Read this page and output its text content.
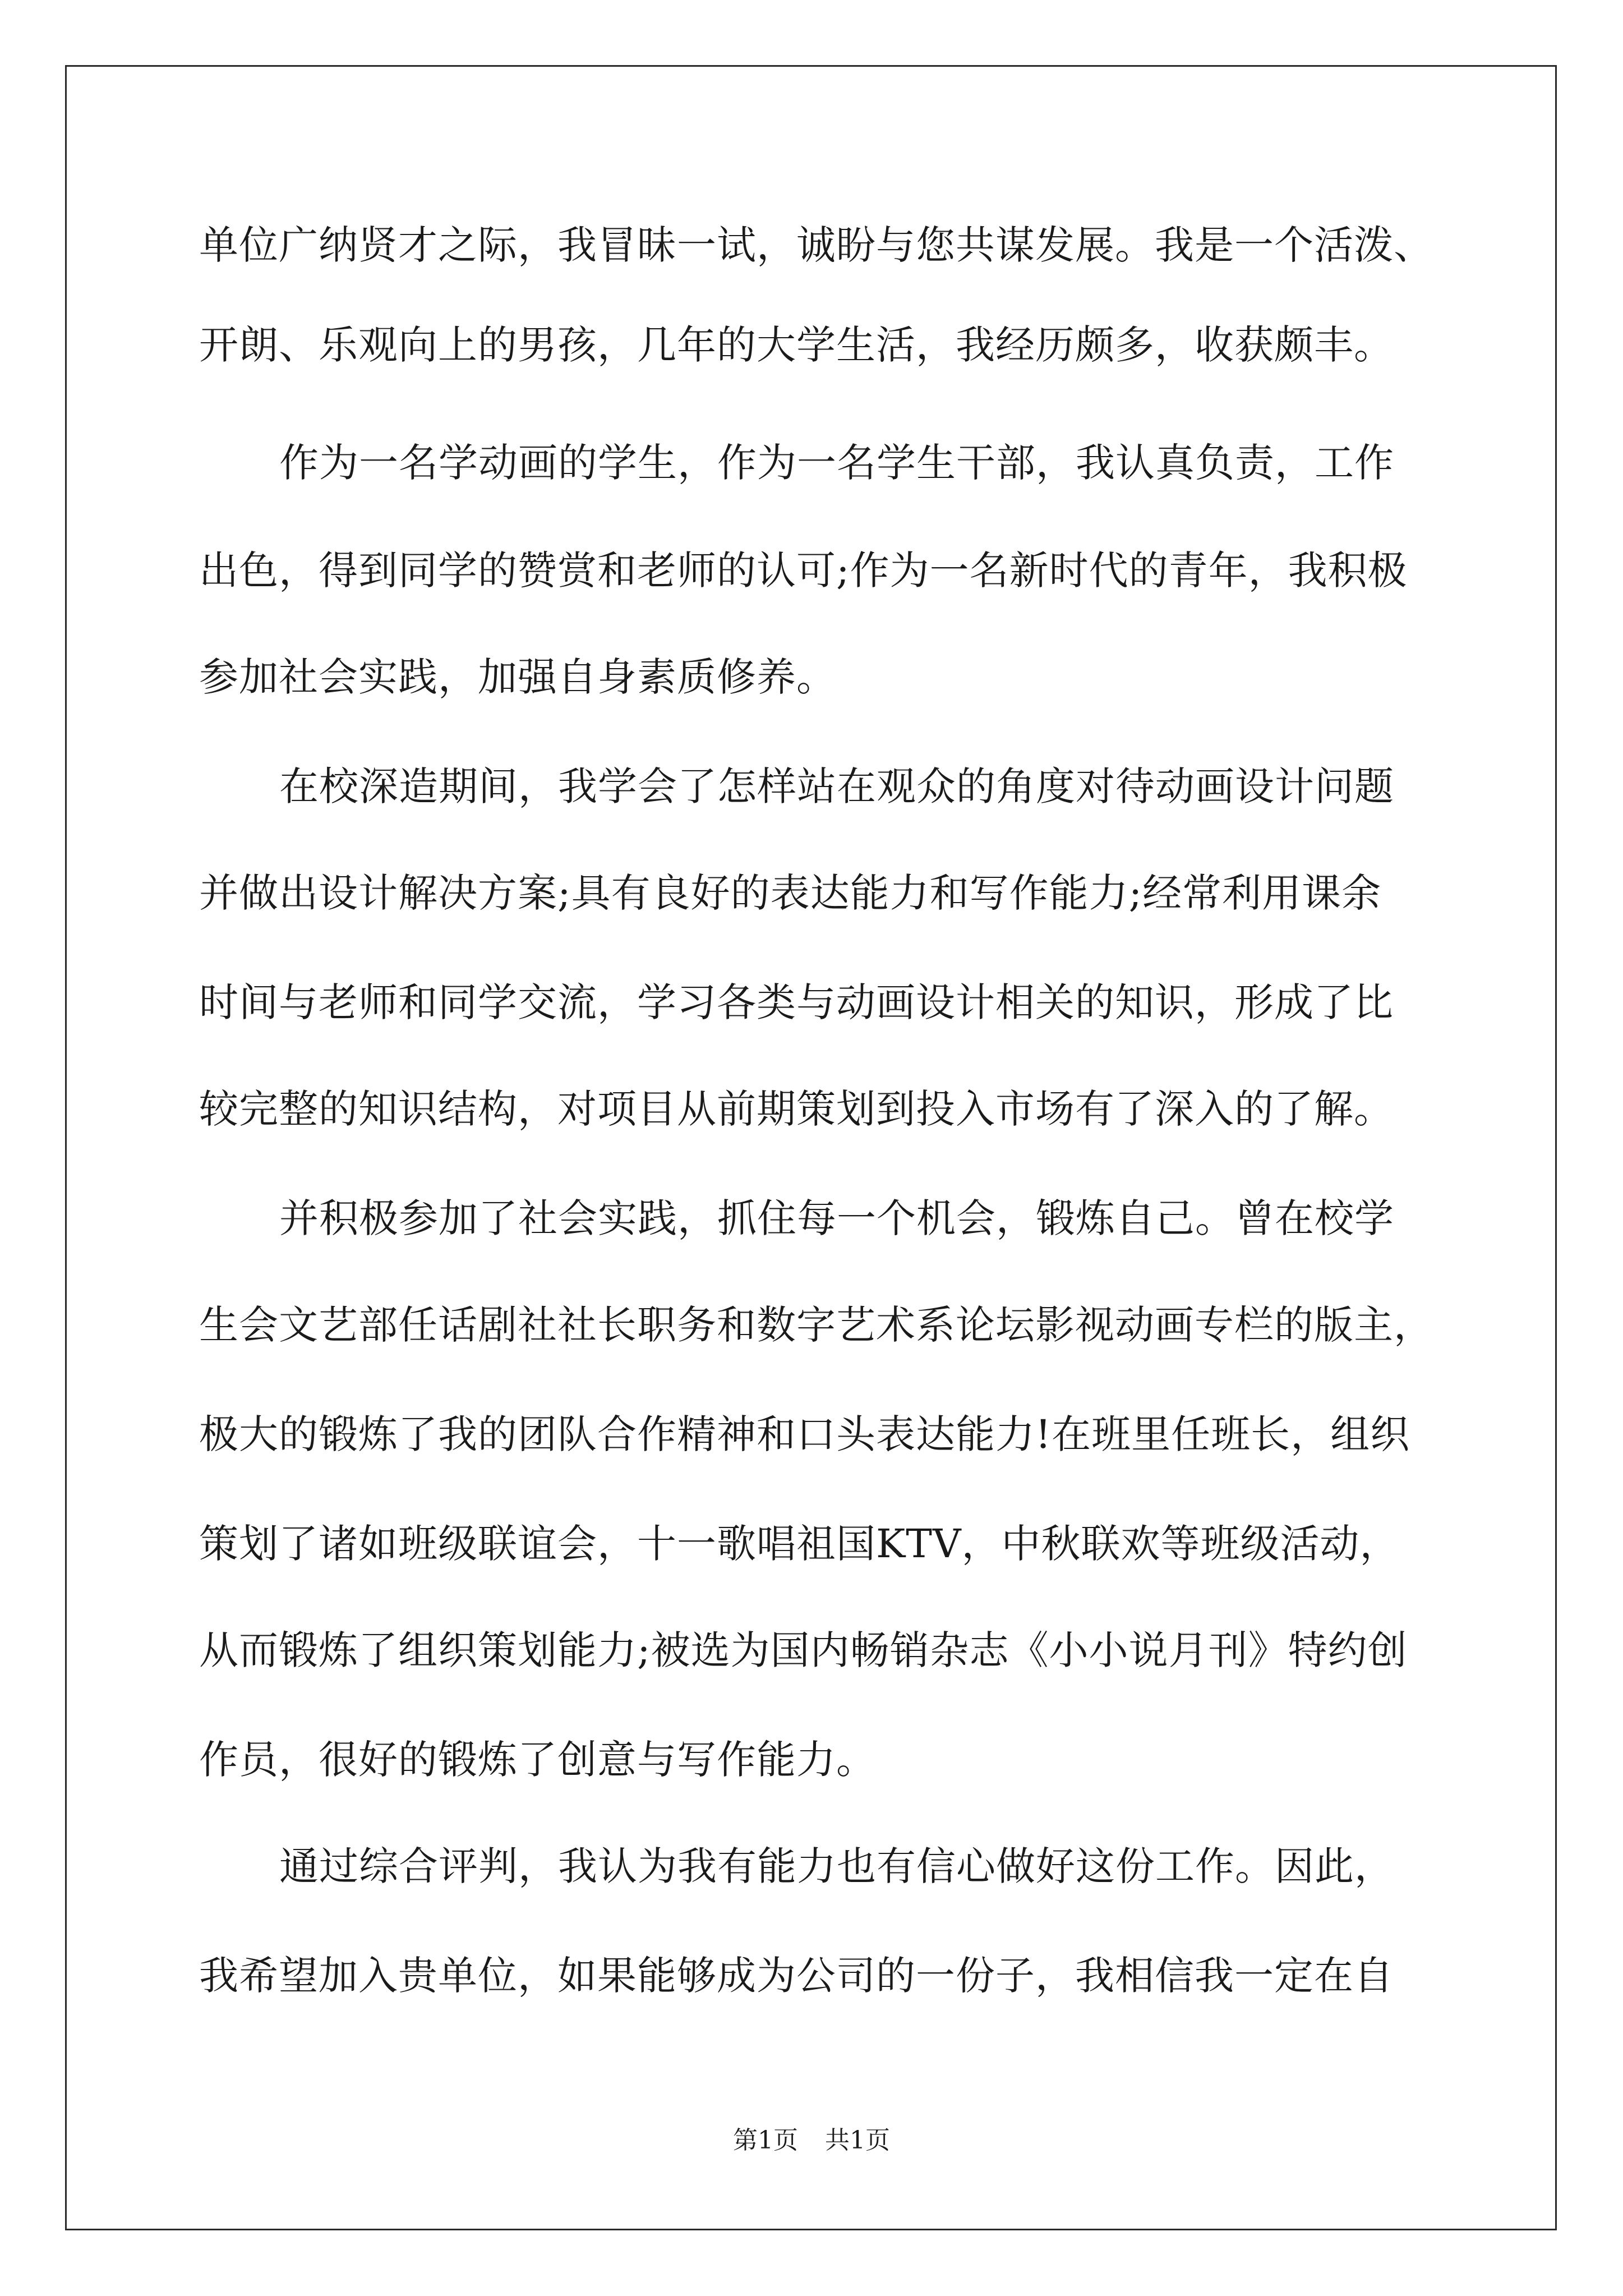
单位广纳贤才之际，我冒昧一试，诚盼与您共谋发展。我是一个活泼、
开朗、乐观向上的男孩，几年的大学生活，我经历颇多，收获颇丰。
作为一名学动画的学生，作为一名学生干部，我认真负责，工作
出色，得到同学的赞赏和老师的认可;作为一名新时代的青年，我积极
参加社会实践，加强自身素质修养。
在校深造期间，我学会了怎样站在观众的角度对待动画设计问题
并做出设计解决方案;具有良好的表达能力和写作能力;经常利用课余
时间与老师和同学交流，学习各类与动画设计相关的知识，形成了比
较完整的知识结构，对项目从前期策划到投入市场有了深入的了解。
并积极参加了社会实践，抓住每一个机会，锻炼自己。曾在校学
生会文艺部任话剧社社长职务和数字艺术系论坛影视动画专栏的版主，
极大的锻炼了我的团队合作精神和口头表达能力!在班里任班长，组织
策划了诸如班级联谊会，十一歌唱祖国KTV，中秋联欢等班级活动，
从而锻炼了组织策划能力;被选为国内畅销杂志《小小说月刊》特约创
作员，很好的锻炼了创意与写作能力。
通过综合评判，我认为我有能力也有信心做好这份工作。因此，
我希望加入贵单位，如果能够成为公司的一份子，我相信我一定在自
第1页 共1页
